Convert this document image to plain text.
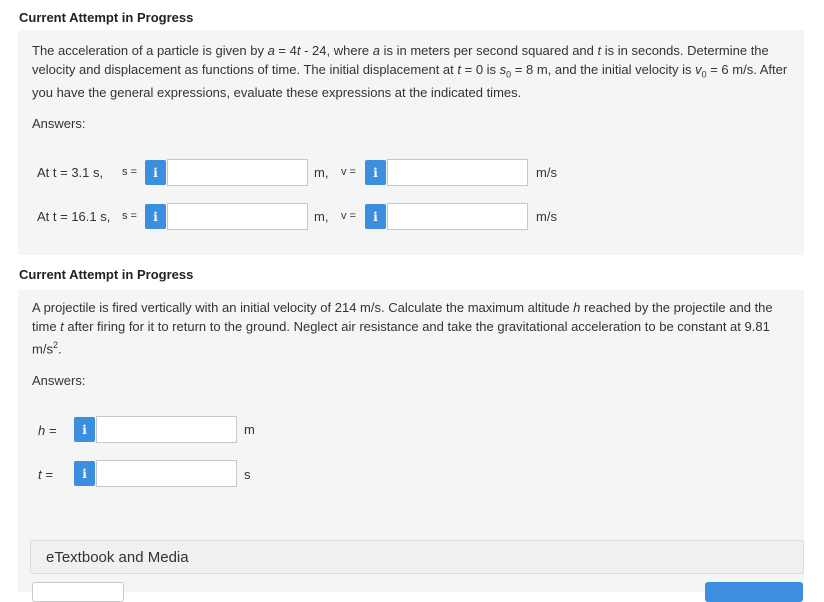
Current Attempt in Progress
The acceleration of a particle is given by a = 4t - 24, where a is in meters per second squared and t is in seconds. Determine the velocity and displacement as functions of time. The initial displacement at t = 0 is $s_0 = 8$ m, and the initial velocity is $v_0 = 6$ m/s. After you have the general expressions, evaluate these expressions at the indicated times.
Answers:
At t = 3.1 s, s =	i	m, v =	i	m/s
At t = 16.1 s, s =	i	m, v =	i	m/s
Current Attempt in Progress
A projectile is fired vertically with an initial velocity of 214 m/s. Calculate the maximum altitude h reached by the projectile and the time t after firing for it to return to the ground. Neglect air resistance and take the gravitational acceleration to be constant at 9.81 $m/s^2$.
Answers:
h =	i	m
t =	i	s
eTextbook and Media
